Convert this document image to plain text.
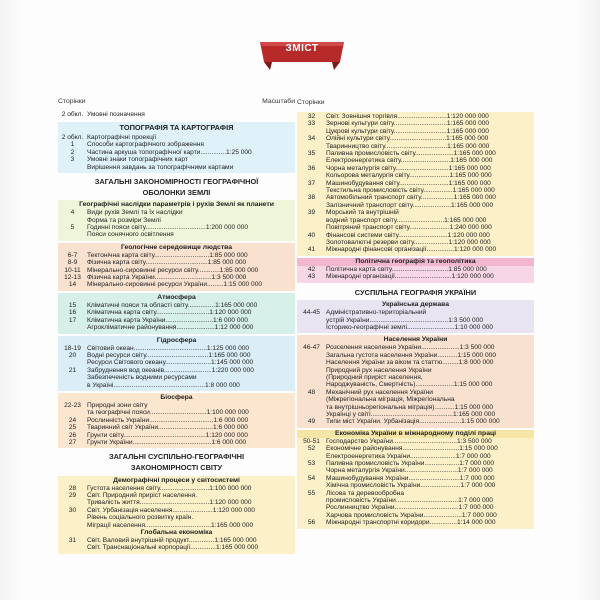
ЗМІСТ
Сторінки	Масштаби
2 обкл. Умовні позначення
ТОПОГРАФІЯ ТА КАРТОГРАФІЯ
2 обкл. Картографічні проекції
1	Способи картографічного зображення
2	Частина аркуша топографічної карти..............1:25 000
3	Умовні знаки топографічних карт
Вирішення завдань за топографічними картами
ЗАГАЛЬНІ ЗАКОНОМІРНОСТІ ГЕОГРАФІЧНОЇ
ОБОЛОНКИ ЗЕМЛІ
Географічні наслідки параметрів і рухів Землі як планети
4	Види рухів Землі та їх наслідки
Форма та розміри Землі
5	Годинні пояси світу.................................1:200 000 000
Пояси сонячного освітлення
Геологічне середовище людства
6-7	Тектонічна карта світу..............................1:85 000 000
8-9	Фізична карта світу..................................1:85 000 000
10-11 Мінерально-сировинні ресурси світу............1:85 000 000
12-13 Фізична карта України...............................1:3 500 000
14	Мінерально-сировинні ресурси України.........1:15 000 000
Атмосфера
15	Кліматичні пояси та області світу...............1:165 000 000
16	Кліматична карта світу.............................1:120 000 000
17	Кліматична карта України..........................1:6 000 000
Агрокліматичне районування.....................1:12 000 000
Гідросфера
18-19 Світовий океан........................................1:125 000 000
20	Водні ресурси світу..................................1:165 000 000
Ресурси Світового океану.........................1:145 000 000
21	Забруднення вод океанів..........................1:220 000 000
Забезпеченість водними ресурсами
в Україні..................................................1:8 000 000
Біосфера
22-23 Природні зони світу
та географічні пояси...............................1:100 000 000
24	Рослинність України...................................1:6 000 000
25	Тваринний світ України..............................1:6 000 000
26	Ґрунти світу.............................................1:120 000 000
27	Ґрунти України...........................................1:6 000 000
ЗАГАЛЬНІ СУСПІЛЬНО-ГЕОГРАФІЧНІ
ЗАКОНОМІРНОСТІ СВІТУ
Демографічні процеси у світосистемі
28	Густота населення світу...........................1:100 000 000
29	Світ. Природний приріст населення.
Тривалість життя......................................1:120 000 000
30	Світ. Урбанізація населення......................1:120 000 000
Рівень соціального розвитку країн.
Міграції населення....................................1:165 000 000
Глобальна економіка
31	Світ. Валовий внутрішній продукт..............1:165 000 000
Світ. Транснаціональні корпорації..............1:165 000 000
Сторінки
32	Світ. Зовнішня торгівля...........................1:120 000 000
33	Зернові культури світу.............................1:165 000 000
Цукрові культури світу.............................1:165 000 000
34	Олійні культури світу...............................1:165 000 000
Тваринництво світу..................................1:165 000 000
35	Паливна промисловість світу.....................1:165 000 000
Електроенергетика світу...........................1:165 000 000
36	Чорна металургія світу.............................1:165 000 000
Кольорова металургія світу......................1:165 000 000
37	Машинобудування світу...........................1:165 000 000
Текстильна промисловість світу................1:165 000 000
38	Автомобільний транспорт світу..................1:165 000 000
Залізничний транспорт світу.....................1:165 000 000
39	Морський та внутрішній
водний транспорт світу..........................1:165 000 000
Повітряний транспорт світу......................1:240 000 000
40	Фінансові системи світу...........................1:120 000 000
Золотовалютні резерви світу...................1:120 000 000
41	Міжнародні фінансові організації...............1:120 000 000
Політична географія та геополітика
42	Політична карта світу...............................1:85 000 000
43	Міжнародні організації...............................1:120 000 000
СУСПІЛЬНА ГЕОГРАФІЯ УКРАЇНИ
Українська держава
44-45 Адміністративно-територіальний
устрій України...........................................1:3 500 000
Історико-географічні землі..........................1:10 000 000
Населення України
46-47 Розселення населення України.....................1:3 500 000
Загальна густота населення України...........1:15 000 000
Населення України за віком та статтю.........1:8 000 000
Природний рух населення України
(Природний приріст населення,
Народжуваність, Смертність).....................1:15 000 000
48	Механічний рух населення України
(Міжрегіональна міграція, Міжрегіональна
та внутрішньорегіональна міграція)...........1:15 000 000
Українці у світі.............................................1:165 000 000
49	Типи міст України. Урбанізація.......................1:15 000 000
Економіка України в міжнародному поділі праці
50-51 Господарство України...................................1:3 500 000
52	Економічне районування...............................1:15 000 000
Електроенергетика України.........................1:7 000 000
53	Паливна промисловість України...................1:7 000 000
Чорна металургія України.............................1:7 000 000
54	Машинобудування України............................1:7 000 000
Хімічна промисловість України......................1:7 000 000
55	Лісова та деревообробна
промисловість України..................................1:7 000 000
Рослинництво України...................................1:7 000 000
Харчова промисловість України.....................1:7 000 000
56	Міжнародні транспортні коридори...............1:14 000 000
